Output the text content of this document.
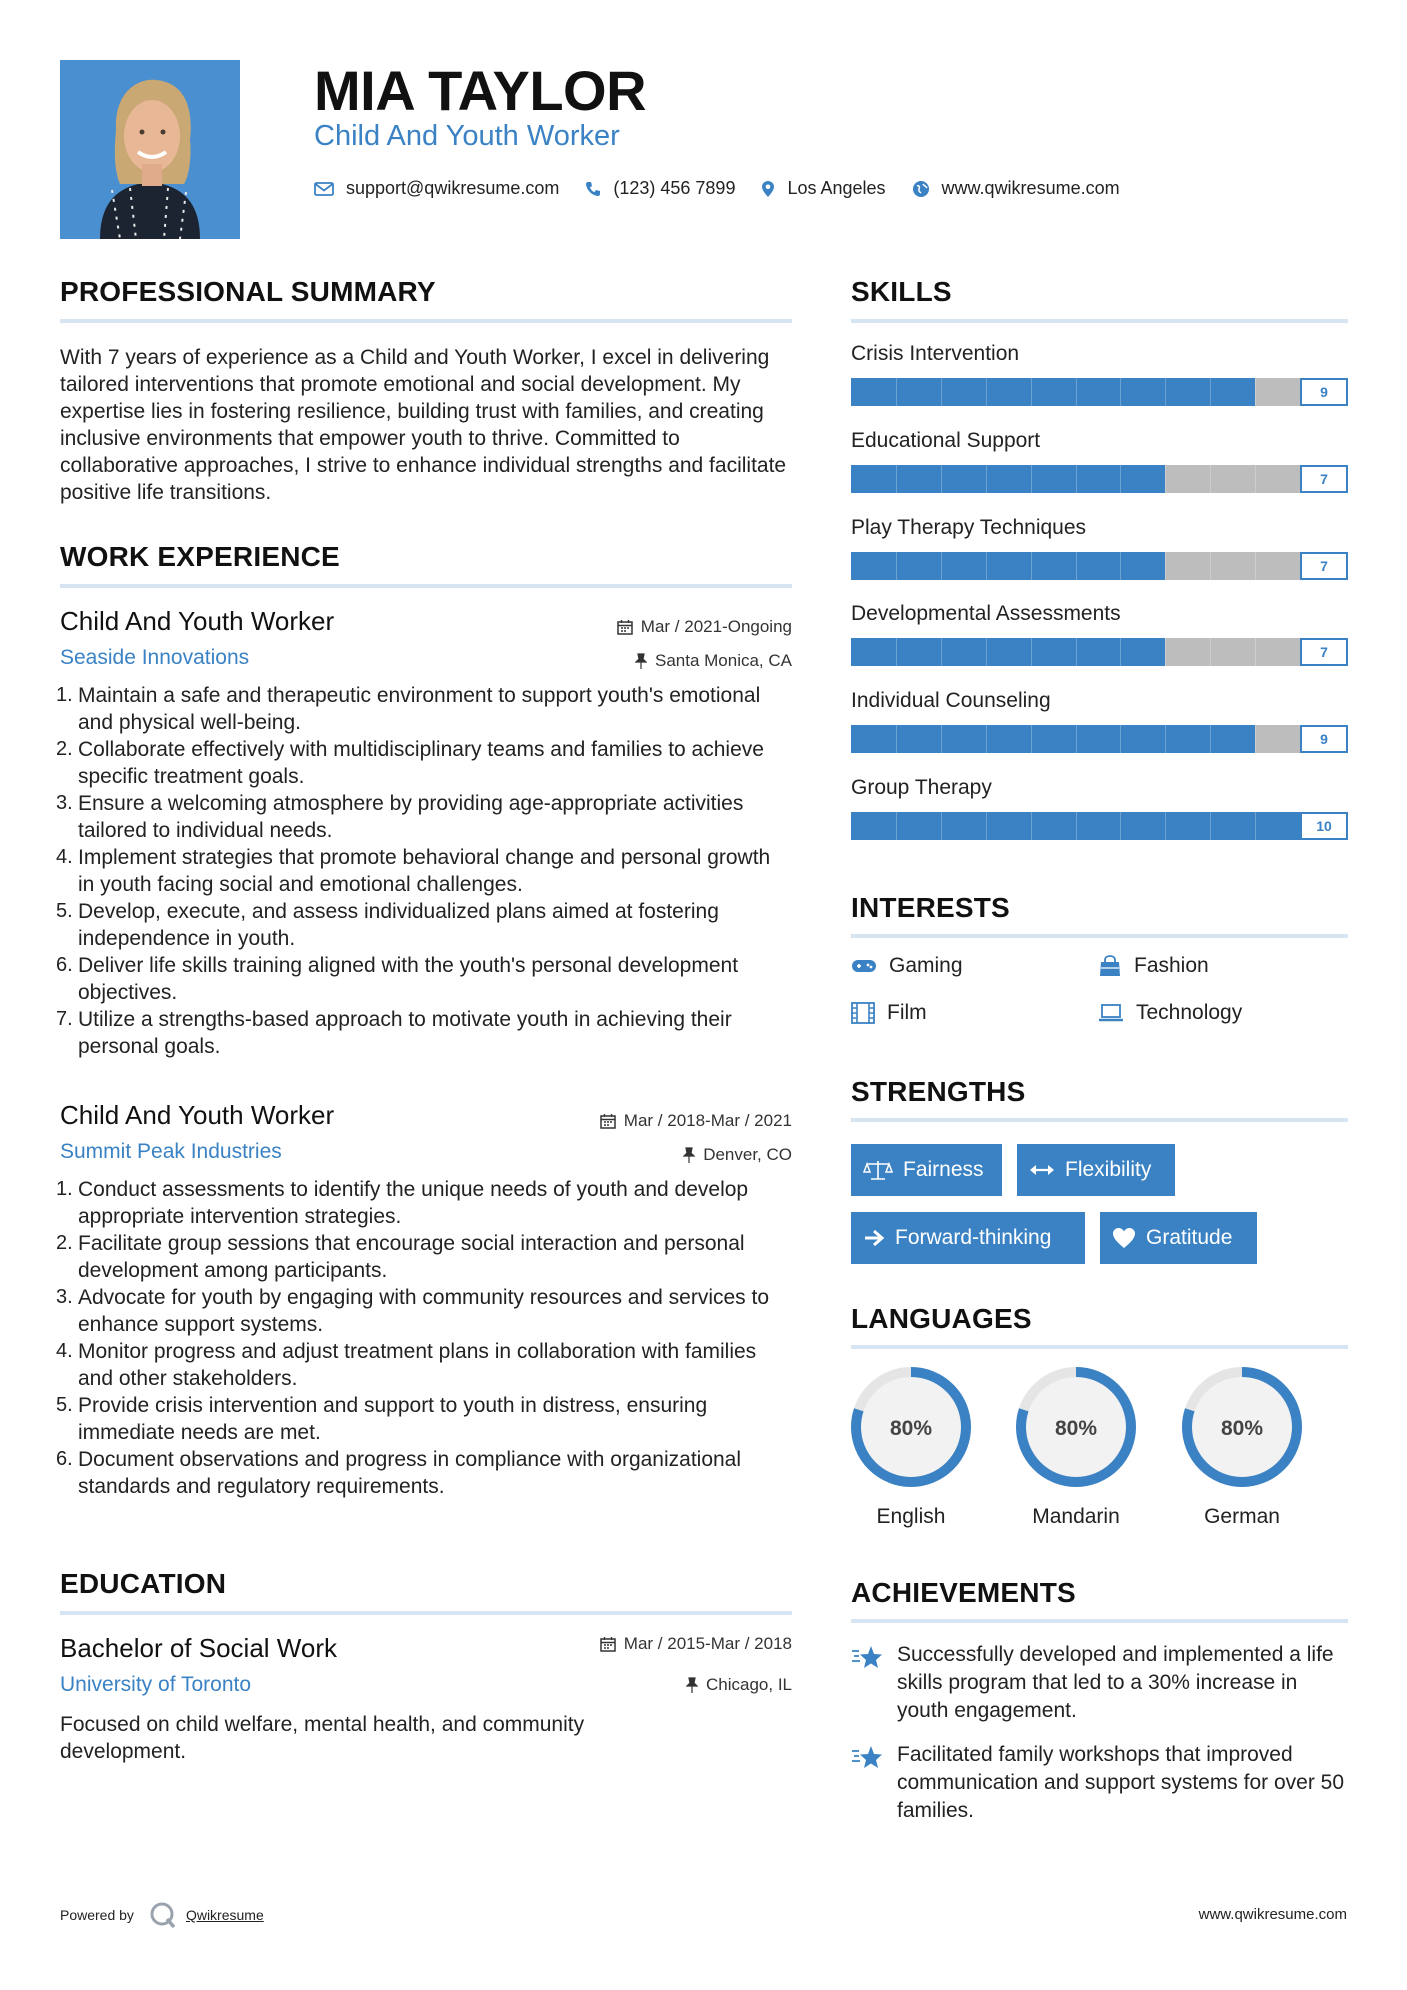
MIA TAYLOR
Child And Youth Worker
support@qwikresume.com	(123) 456 7899	Los Angeles	www.qwikresume.com
PROFESSIONAL SUMMARY
With 7 years of experience as a Child and Youth Worker, I excel in delivering tailored interventions that promote emotional and social development. My expertise lies in fostering resilience, building trust with families, and creating inclusive environments that empower youth to thrive. Committed to collaborative approaches, I strive to enhance individual strengths and facilitate positive life transitions.
WORK EXPERIENCE
Child And Youth Worker
Seaside Innovations
Mar / 2021-Ongoing
Santa Monica, CA
1. Maintain a safe and therapeutic environment to support youth's emotional and physical well-being.
2. Collaborate effectively with multidisciplinary teams and families to achieve specific treatment goals.
3. Ensure a welcoming atmosphere by providing age-appropriate activities tailored to individual needs.
4. Implement strategies that promote behavioral change and personal growth in youth facing social and emotional challenges.
5. Develop, execute, and assess individualized plans aimed at fostering independence in youth.
6. Deliver life skills training aligned with the youth's personal development objectives.
7. Utilize a strengths-based approach to motivate youth in achieving their personal goals.
Child And Youth Worker
Summit Peak Industries
Mar / 2018-Mar / 2021
Denver, CO
1. Conduct assessments to identify the unique needs of youth and develop appropriate intervention strategies.
2. Facilitate group sessions that encourage social interaction and personal development among participants.
3. Advocate for youth by engaging with community resources and services to enhance support systems.
4. Monitor progress and adjust treatment plans in collaboration with families and other stakeholders.
5. Provide crisis intervention and support to youth in distress, ensuring immediate needs are met.
6. Document observations and progress in compliance with organizational standards and regulatory requirements.
EDUCATION
Bachelor of Social Work
University of Toronto
Mar / 2015-Mar / 2018
Chicago, IL
Focused on child welfare, mental health, and community development.
SKILLS
Crisis Intervention
9
Educational Support
7
Play Therapy Techniques
7
Developmental Assessments
7
Individual Counseling
9
Group Therapy
10
INTERESTS
Gaming	Fashion
Film	Technology
STRENGTHS
Fairness	Flexibility
Forward-thinking	Gratitude
LANGUAGES
80%
English
80%
Mandarin
80%
German
ACHIEVEMENTS
Successfully developed and implemented a life skills program that led to a 30% increase in youth engagement.
Facilitated family workshops that improved communication and support systems for over 50 families.
Powered by	Qwikresume	www.qwikresume.com
